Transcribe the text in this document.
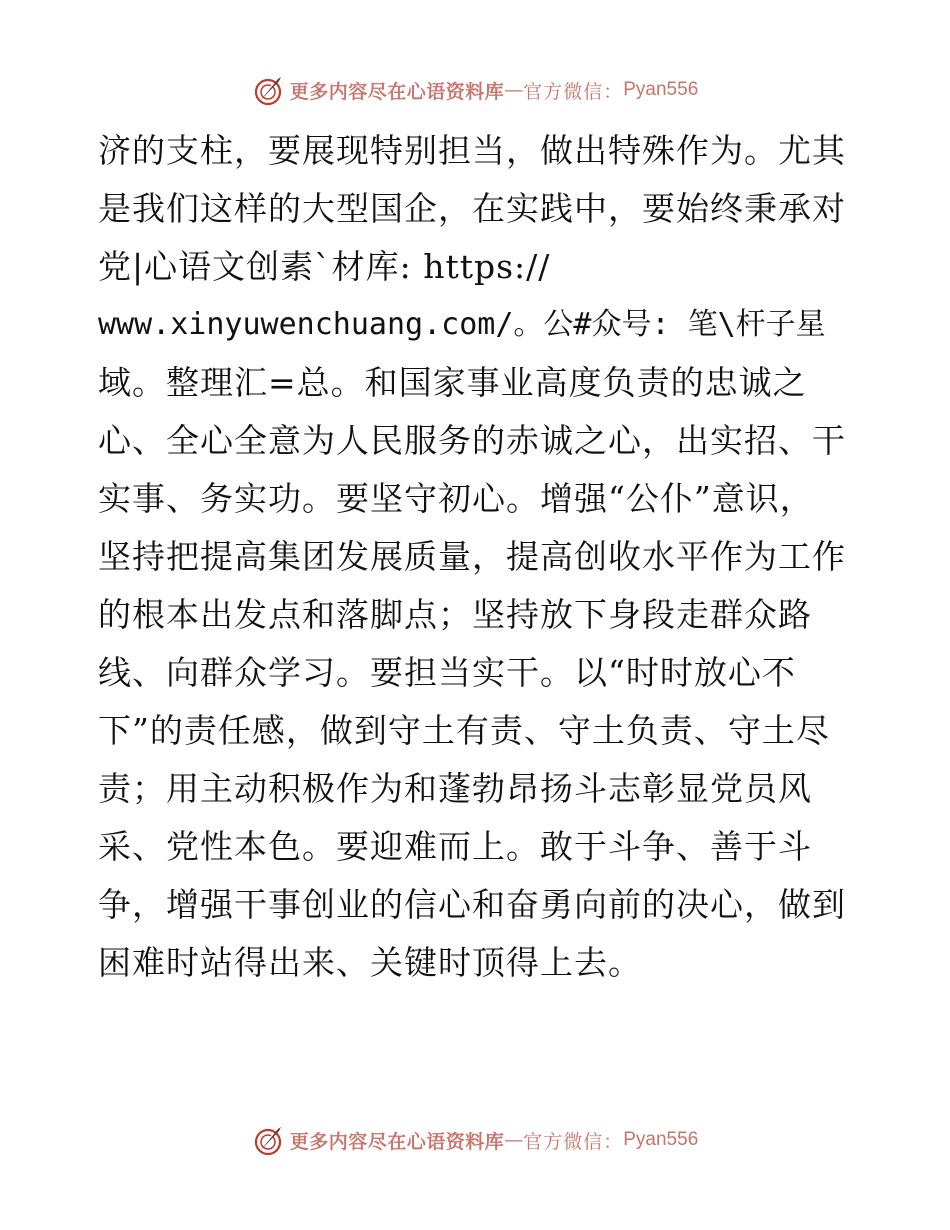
更多内容尽在心语资料库 — 官方微信： Pyan556
济的支柱，要展现特别担当，做出特殊作为。尤其
是我们这样的大型国企，在实践中，要始终秉承对
党|心语文创素`材库: https://
www.xinyuwenchuang.com/。公#众号: 笔\杆子星
域。整理汇=总。和国家事业高度负责的忠诚之
心、全心全意为人民服务的赤诚之心，出实招、干
实事、务实功。要坚守初心。增强“公仆”意识，
坚持把提高集团发展质量，提高创收水平作为工作
的根本出发点和落脚点；坚持放下身段走群众路
线、向群众学习。要担当实干。以“时时放心不
下”的责任感，做到守土有责、守土负责、守土尽
责；用主动积极作为和蓬勃昂扬斗志彰显党员风
采、党性本色。要迎难而上。敢于斗争、善于斗
争，增强干事创业的信心和奋勇向前的决心，做到
困难时站得出来、关键时顶得上去。
更多内容尽在心语资料库 — 官方微信： Pyan556
